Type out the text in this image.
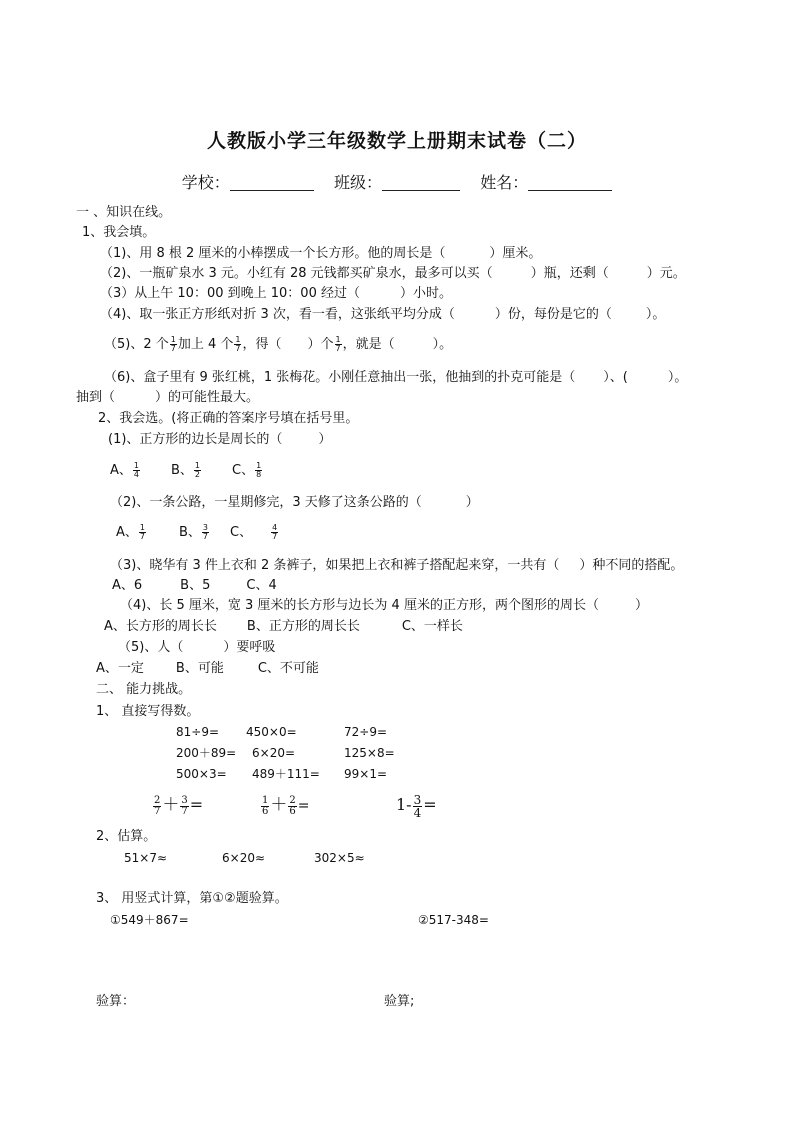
人教版小学三年级数学上册期末试卷（二）
学校：	班级：	姓名：
一 、知识在线。
1、我会填。
（1)、用 8 根 2 厘米的小棒摆成一个长方形。他的周长是（	）厘米。
（2)、一瓶矿泉水 3 元。小红有 28 元钱都买矿泉水，最多可以买（	）瓶，还剩（	）元。
（3）从上午 10：00 到晚上 10：00 经过（	）小时。
（4)、取一张正方形纸对折 3 次，看一看，这张纸平均分成（	）份，每份是它的（	）。
（5)、2 个 $\frac{1}{7}$ 加上 4 个 $\frac{1}{7}$ ，得（ ）个 $\frac{1}{7}$ ，就是（	）。
（6)、盒子里有 9 张红桃，1 张梅花。小刚任意抽出一张，他抽到的扑克可能是（ ）、(	）。
抽到（	）的可能性最大。
2、我会选。(将正确的答案序号填在括号里。
(1)、正方形的边长是周长的（	）
A、 $\frac{1}{4}$ B、 $\frac{1}{2}$ C、 $\frac{1}{8}$
（2)、一条公路，一星期修完，3 天修了这条公路的（	）
A、 $\frac{1}{7}$	B、 $\frac{3}{7}$ C、 $\frac{4}{7}$
（3)、晓华有 3 件上衣和 2 条裤子，如果把上衣和裤子搭配起来穿，一共有（ ）种不同的搭配。
A、6	B、5	C、4
（4)、长 5 厘米，宽 3 厘米的长方形与边长为 4 厘米的正方形，两个图形的周长（	）
A、长方形的周长长 B、正方形的周长长	C、一样长
（5)、人（	）要呼吸
A、一定 B、可能	C、不可能
二、 能力挑战。
1、 直接写得数。
81÷9= 450×0=	72÷9=
200＋89= 6×20=	125×8=
500×3= 489＋111= 99×1=
$\frac{2}{7} + \frac{3}{7}$ =	$\frac{1}{6} + \frac{2}{6}$ =	$1- \frac{3}{4}$ =
2、估算。
51×7≈	6×20≈	302×5≈
3、 用竖式计算，第①②题验算。
①549＋867=	②517-348=
验算：	验算;
